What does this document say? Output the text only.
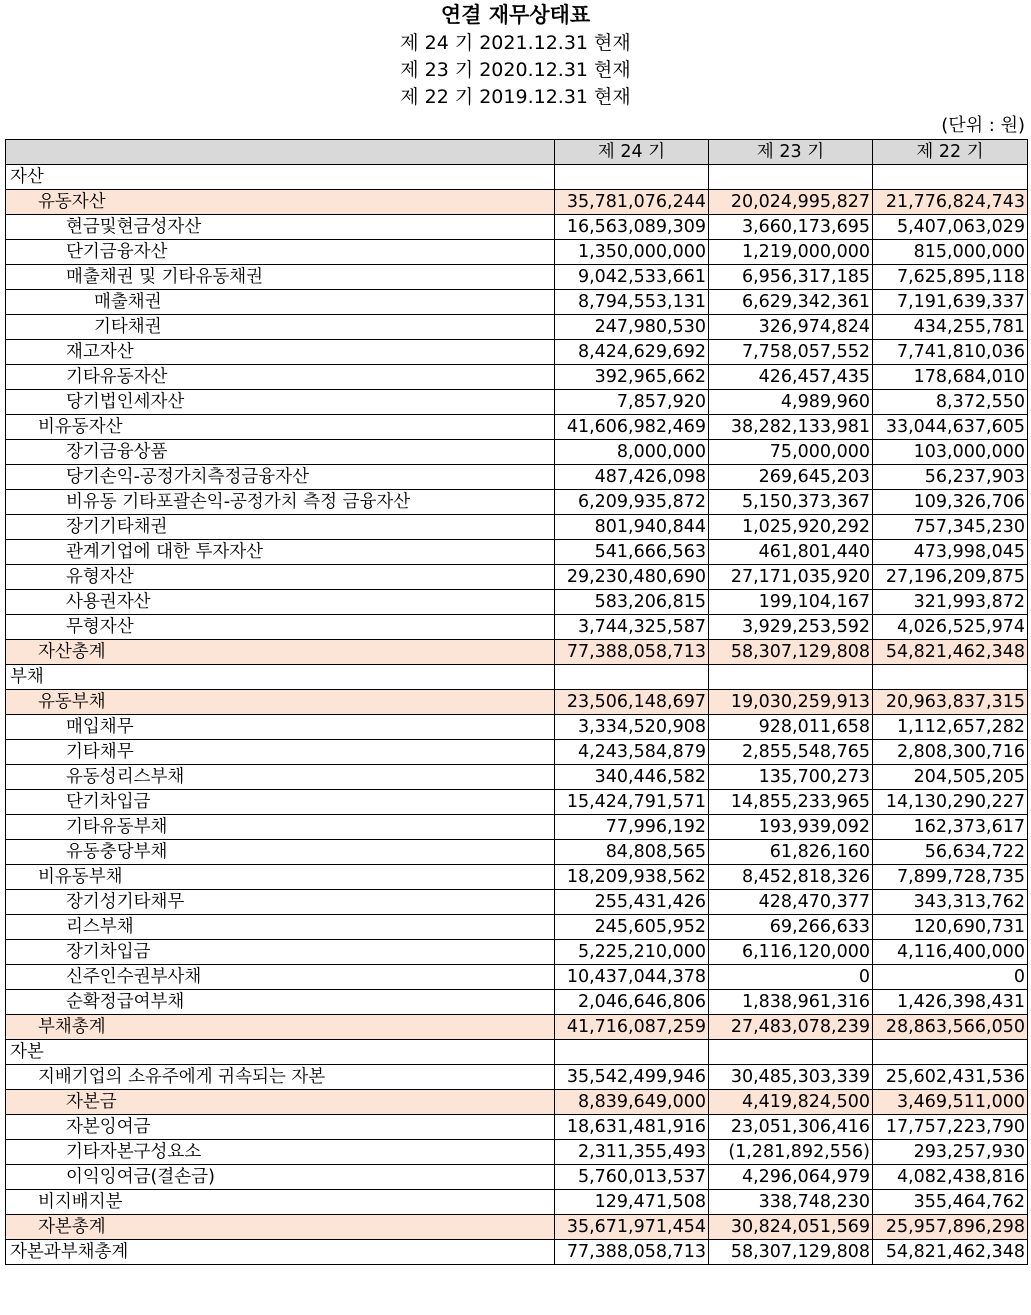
연결 재무상태표
제 24 기 2021.12.31 현재
제 23 기 2020.12.31 현재
제 22 기 2019.12.31 현재
(단위 : 원)
	제 24 기	제 23 기	제 22 기
자산			
유동자산	35,781,076,244	20,024,995,827	21,776,824,743
현금및현금성자산	16,563,089,309	3,660,173,695	5,407,063,029
단기금융자산	1,350,000,000	1,219,000,000	815,000,000
매출채권 및 기타유동채권	9,042,533,661	6,956,317,185	7,625,895,118
매출채권	8,794,553,131	6,629,342,361	7,191,639,337
기타채권	247,980,530	326,974,824	434,255,781
재고자산	8,424,629,692	7,758,057,552	7,741,810,036
기타유동자산	392,965,662	426,457,435	178,684,010
당기법인세자산	7,857,920	4,989,960	8,372,550
비유동자산	41,606,982,469	38,282,133,981	33,044,637,605
장기금융상품	8,000,000	75,000,000	103,000,000
당기손익-공정가치측정금융자산	487,426,098	269,645,203	56,237,903
비유동 기타포괄손익-공정가치 측정 금융자산	6,209,935,872	5,150,373,367	109,326,706
장기기타채권	801,940,844	1,025,920,292	757,345,230
관계기업에 대한 투자자산	541,666,563	461,801,440	473,998,045
유형자산	29,230,480,690	27,171,035,920	27,196,209,875
사용권자산	583,206,815	199,104,167	321,993,872
무형자산	3,744,325,587	3,929,253,592	4,026,525,974
자산총계	77,388,058,713	58,307,129,808	54,821,462,348
부채			
유동부채	23,506,148,697	19,030,259,913	20,963,837,315
매입채무	3,334,520,908	928,011,658	1,112,657,282
기타채무	4,243,584,879	2,855,548,765	2,808,300,716
유동성리스부채	340,446,582	135,700,273	204,505,205
단기차입금	15,424,791,571	14,855,233,965	14,130,290,227
기타유동부채	77,996,192	193,939,092	162,373,617
유동충당부채	84,808,565	61,826,160	56,634,722
비유동부채	18,209,938,562	8,452,818,326	7,899,728,735
장기성기타채무	255,431,426	428,470,377	343,313,762
리스부채	245,605,952	69,266,633	120,690,731
장기차입금	5,225,210,000	6,116,120,000	4,116,400,000
신주인수권부사채	10,437,044,378	0	0
순확정급여부채	2,046,646,806	1,838,961,316	1,426,398,431
부채총계	41,716,087,259	27,483,078,239	28,863,566,050
자본			
지배기업의 소유주에게 귀속되는 자본	35,542,499,946	30,485,303,339	25,602,431,536
자본금	8,839,649,000	4,419,824,500	3,469,511,000
자본잉여금	18,631,481,916	23,051,306,416	17,757,223,790
기타자본구성요소	2,311,355,493	(1,281,892,556)	293,257,930
이익잉여금(결손금)	5,760,013,537	4,296,064,979	4,082,438,816
비지배지분	129,471,508	338,748,230	355,464,762
자본총계	35,671,971,454	30,824,051,569	25,957,896,298
자본과부채총계	77,388,058,713	58,307,129,808	54,821,462,348
